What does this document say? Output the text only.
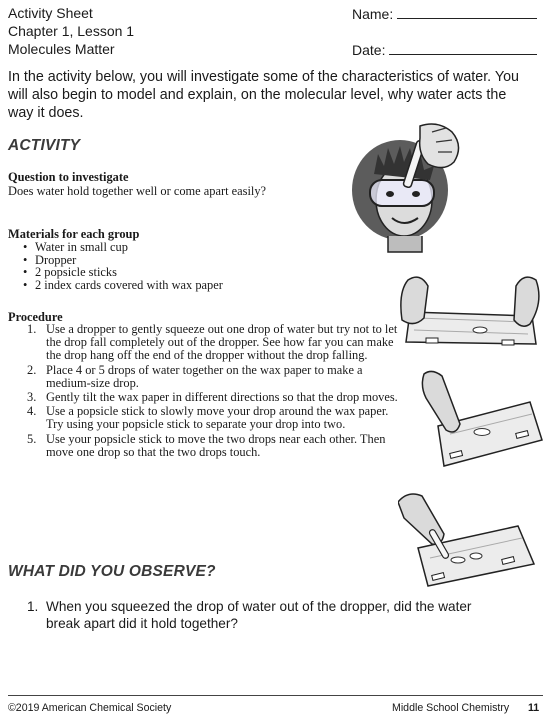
Activity Sheet
Chapter 1, Lesson 1
Molecules Matter
Name:
Date:
In the activity below, you will investigate some of the characteristics of water. You will also begin to model and explain, on the molecular level, why water acts the way it does.
ACTIVITY
Question to investigate
Does water hold together well or come apart easily?
Materials for each group
• Water in small cup
• Dropper
• 2 popsicle sticks
• 2 index cards covered with wax paper
Procedure
1. Use a dropper to gently squeeze out one drop of water but try not to let the drop fall completely out of the dropper. See how far you can make the drop hang off the end of the dropper without the drop falling.
2. Place 4 or 5 drops of water together on the wax paper to make a medium-size drop.
3. Gently tilt the wax paper in different directions so that the drop moves.
4. Use a popsicle stick to slowly move your drop around the wax paper. Try using your popsicle stick to separate your drop into two.
5. Use your popsicle stick to move the two drops near each other. Then move one drop so that the two drops touch.
WHAT DID YOU OBSERVE?
1. When you squeezed the drop of water out of the dropper, did the water break apart did it hold together?
©2019 American Chemical Society	Middle School Chemistry 11
